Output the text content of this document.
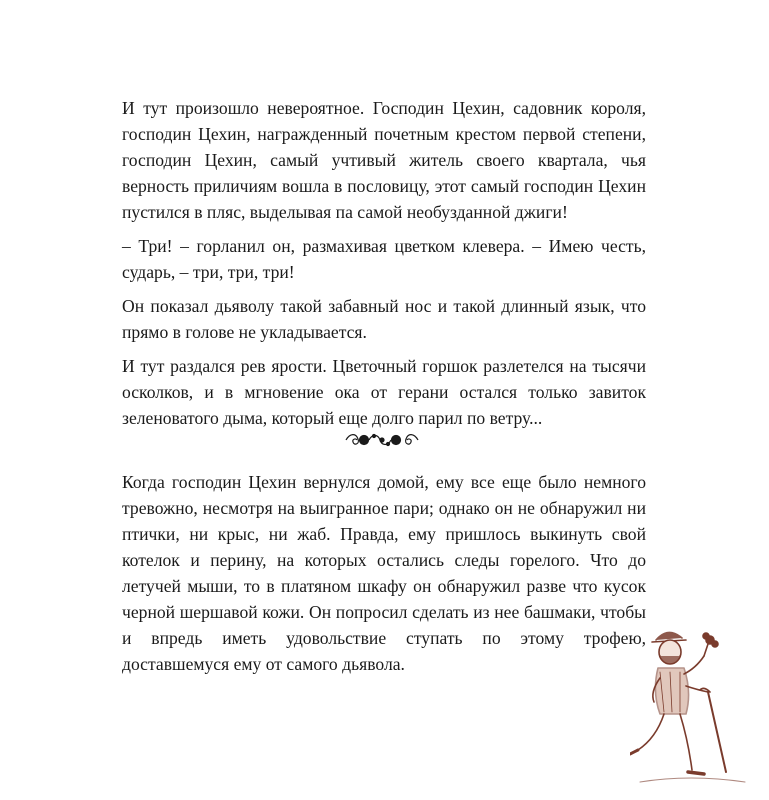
И тут произошло невероятное. Господин Цехин, садовник короля, господин Цехин, награжденный почетным крестом первой степени, господин Цехин, самый учтивый житель своего квартала, чья верность приличиям вошла в пословицу, этот самый господин Цехин пустился в пляс, выделывая па самой необузданной джиги!

– Три! – горланил он, размахивая цветком клевера. – Имею честь, сударь, – три, три, три!

Он показал дьяволу такой забавный нос и такой длинный язык, что прямо в голове не укладывается.

И тут раздался рев ярости. Цветочный горшок разлетелся на тысячи осколков, и в мгновение ока от герани остался только завиток зеленоватого дыма, который еще долго парил по ветру...

Когда господин Цехин вернулся домой, ему все еще было немного тревожно, несмотря на выигранное пари; однако он не обнаружил ни птички, ни крыс, ни жаб. Правда, ему пришлось выкинуть свой котелок и перину, на которых остались следы горелого. Что до летучей мыши, то в платяном шкафу он обнаружил разве что кусок черной шершавой кожи. Он попросил сделать из нее башмаки, чтобы и впредь иметь удовольствие ступать по этому трофею, доставшемуся ему от самого дьявола.
